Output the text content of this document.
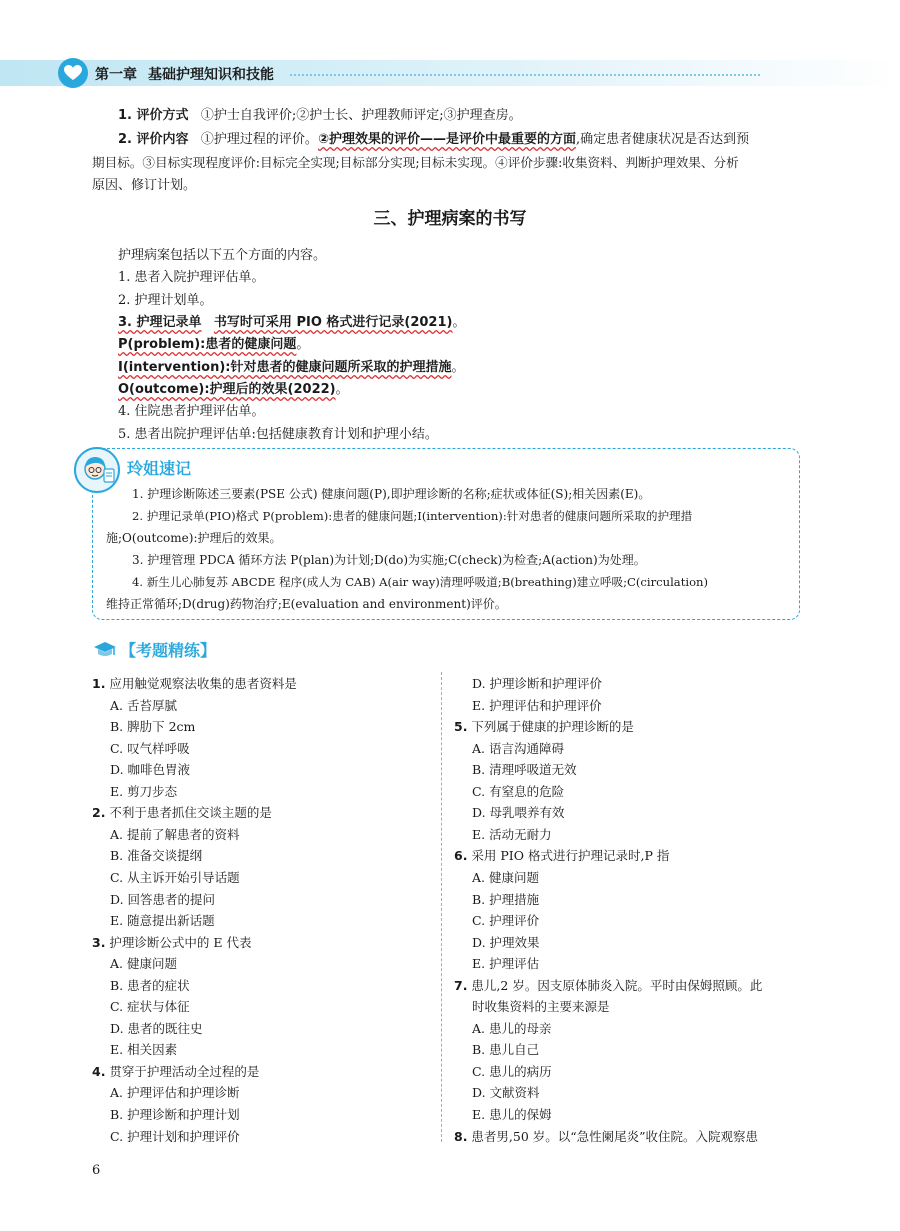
第一章 基础护理知识和技能
1. 评价方式 ①护士自我评价;②护士长、护理教师评定;③护理查房。
2. 评价内容 ①护理过程的评价。②护理效果的评价——是评价中最重要的方面,确定患者健康状况是否达到预
期目标。③目标实现程度评价:目标完全实现;目标部分实现;目标未实现。④评价步骤:收集资料、判断护理效果、分析
原因、修订计划。
三、护理病案的书写
护理病案包括以下五个方面的内容。
1. 患者入院护理评估单。
2. 护理计划单。
3. 护理记录单 书写时可采用 PIO 格式进行记录(2021)。
P(problem):患者的健康问题。
I(intervention):针对患者的健康问题所采取的护理措施。
O(outcome):护理后的效果(2022)。
4. 住院患者护理评估单。
5. 患者出院护理评估单:包括健康教育计划和护理小结。
玲姐速记
1. 护理诊断陈述三要素(PSE 公式) 健康问题(P),即护理诊断的名称;症状或体征(S);相关因素(E)。
2. 护理记录单(PIO)格式 P(problem):患者的健康问题;I(intervention):针对患者的健康问题所采取的护理措
施;O(outcome):护理后的效果。
3. 护理管理 PDCA 循环方法 P(plan)为计划;D(do)为实施;C(check)为检查;A(action)为处理。
4. 新生儿心肺复苏 ABCDE 程序(成人为 CAB) A(air way)清理呼吸道;B(breathing)建立呼吸;C(circulation)
维持正常循环;D(drug)药物治疗;E(evaluation and environment)评价。
【考题精练】
1. 应用触觉观察法收集的患者资料是
A. 舌苔厚腻
B. 脾肋下 2cm
C. 叹气样呼吸
D. 咖啡色胃液
E. 剪刀步态
2. 不利于患者抓住交谈主题的是
A. 提前了解患者的资料
B. 准备交谈提纲
C. 从主诉开始引导话题
D. 回答患者的提问
E. 随意提出新话题
3. 护理诊断公式中的 E 代表
A. 健康问题
B. 患者的症状
C. 症状与体征
D. 患者的既往史
E. 相关因素
4. 贯穿于护理活动全过程的是
A. 护理评估和护理诊断
B. 护理诊断和护理计划
C. 护理计划和护理评价
D. 护理诊断和护理评价
E. 护理评估和护理评价
5. 下列属于健康的护理诊断的是
A. 语言沟通障碍
B. 清理呼吸道无效
C. 有窒息的危险
D. 母乳喂养有效
E. 活动无耐力
6. 采用 PIO 格式进行护理记录时,P 指
A. 健康问题
B. 护理措施
C. 护理评价
D. 护理效果
E. 护理评估
7. 患儿,2 岁。因支原体肺炎入院。平时由保姆照顾。此
时收集资料的主要来源是
A. 患儿的母亲
B. 患儿自己
C. 患儿的病历
D. 文献资料
E. 患儿的保姆
8. 患者男,50 岁。以“急性阑尾炎”收住院。入院观察患
6
